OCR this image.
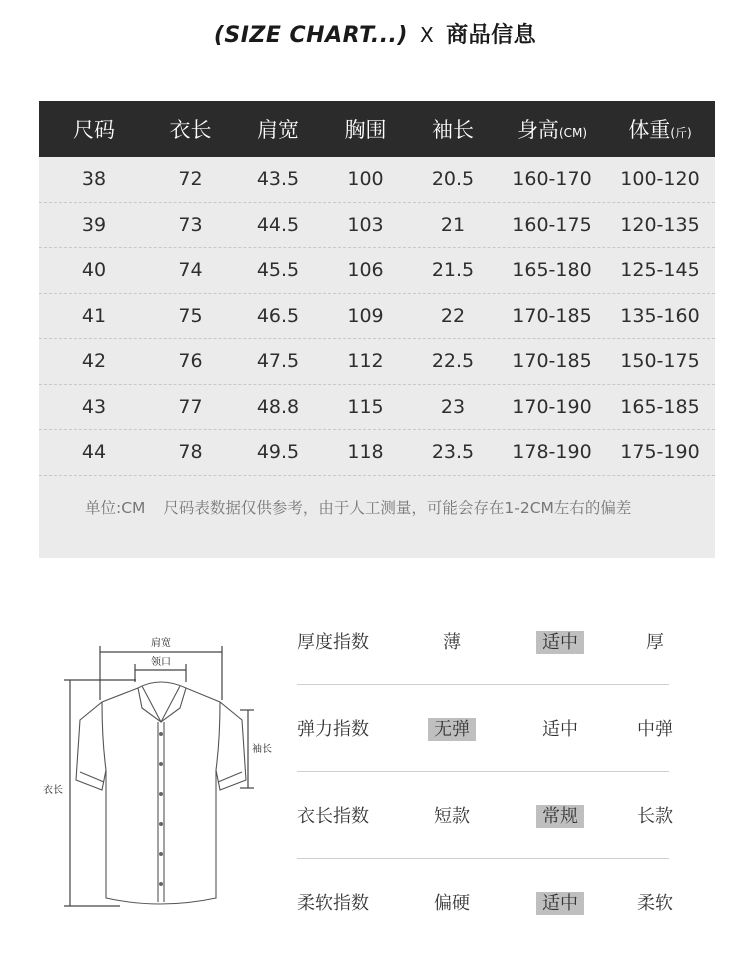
(SIZE CHART...) X 商品信息
尺码	衣长	肩宽	胸围	袖长	身高(CM)	体重(斤)
38	72	43.5	100	20.5	160-170	100-120
39	73	44.5	103	21	160-175	120-135
40	74	45.5	106	21.5	165-180	125-145
41	75	46.5	109	22	170-185	135-160
42	76	47.5	112	22.5	170-185	150-175
43	77	48.8	115	23	170-190	165-185
44	78	49.5	118	23.5	178-190	175-190
单位:CM 尺码表数据仅供参考，由于人工测量，可能会存在1-2CM左右的偏差
肩宽
领口
袖长
衣长
厚度指数	薄	适中	厚
弹力指数	无弹	适中	中弹
衣长指数	短款	常规	长款
柔软指数	偏硬	适中	柔软
